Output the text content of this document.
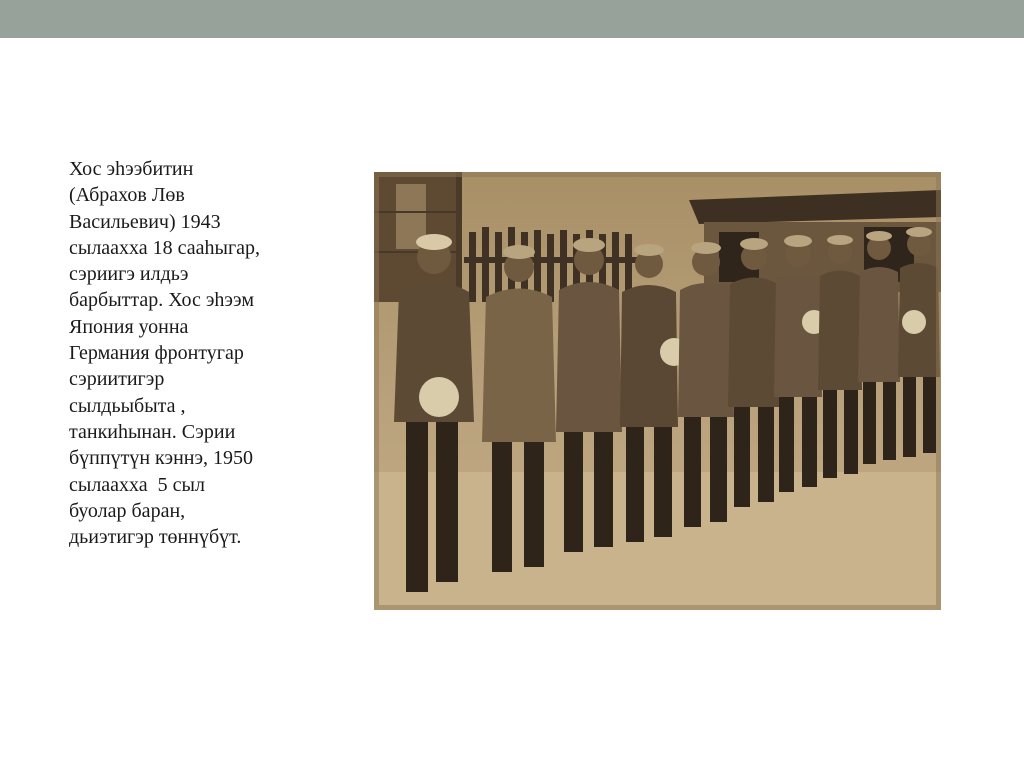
Хос эһээбитин
(Абрахов Лөв
Васильевич) 1943
сылаахха 18 сааһыгар,
сэриигэ илдьэ
барбыттар. Хос эһээм
Япония уонна
Германия фронтугар
сэриитигэр
сылдьыбыта ,
танкиһынан. Сэрии
бүппүтүн кэннэ, 1950
сылаахха  5 сыл
буолар баран,
дьиэтигэр төннүбүт.
